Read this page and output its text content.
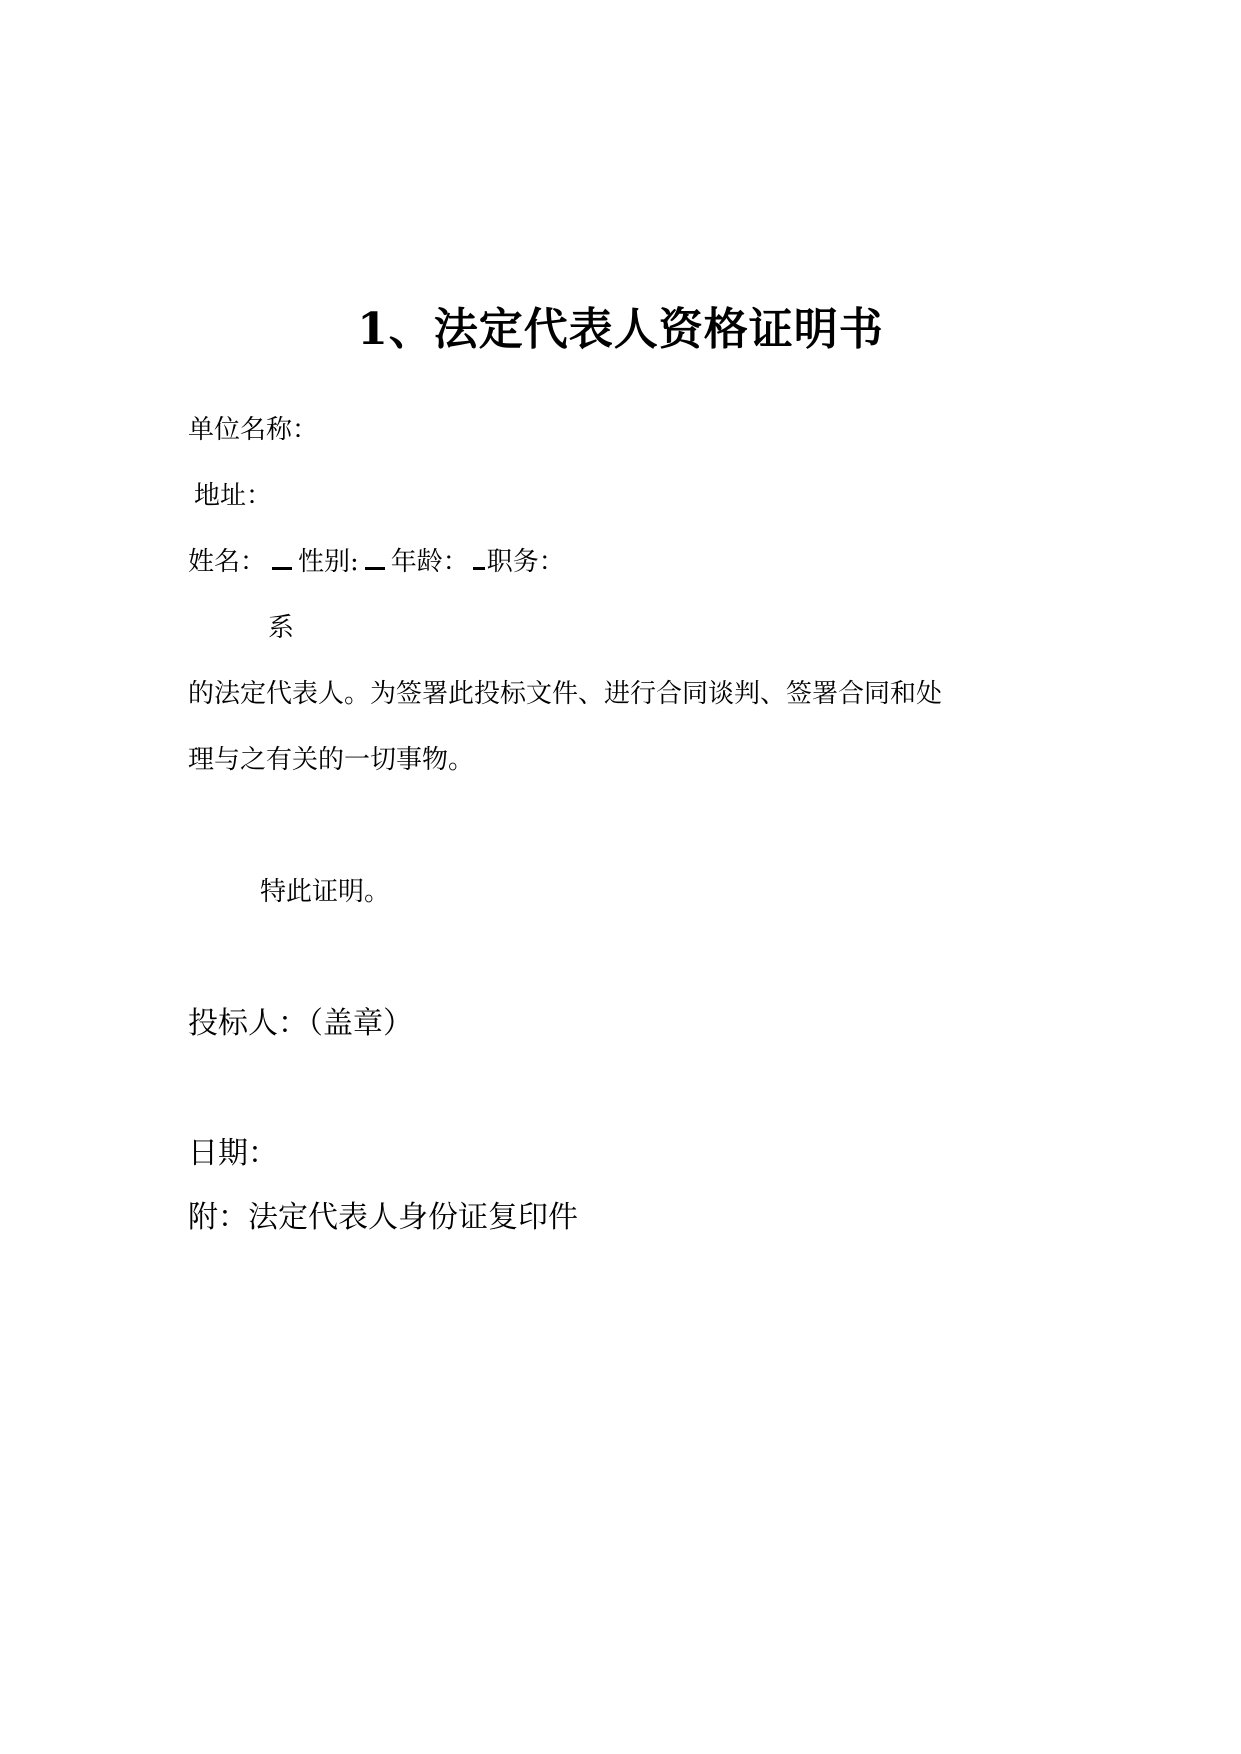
1、法定代表人资格证明书
单位名称：
地址：
姓名： 性别: 年龄： 职务：
系
的法定代表人。为签署此投标文件、进行合同谈判、签署合同和处
理与之有关的一切事物。
特此证明。
投标人：（盖章）
日期：
附：法定代表人身份证复印件
